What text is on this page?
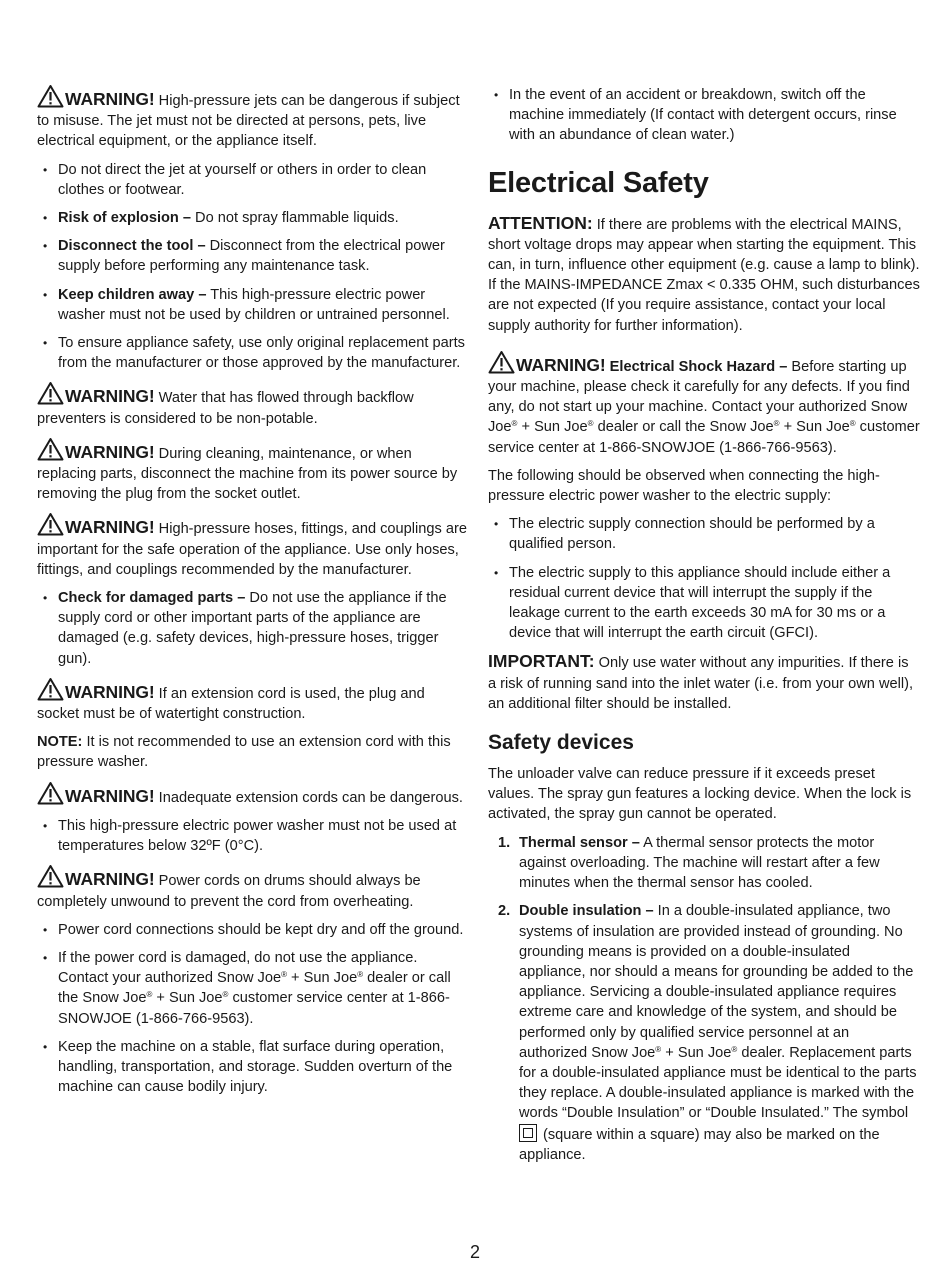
WARNING! High-pressure jets can be dangerous if subject to misuse. The jet must not be directed at persons, pets, live electrical equipment, or the appliance itself.

• Do not direct the jet at yourself or others in order to clean clothes or footwear.
• Risk of explosion – Do not spray flammable liquids.
• Disconnect the tool – Disconnect from the electrical power supply before performing any maintenance task.
• Keep children away – This high-pressure electric power washer must not be used by children or untrained personnel.
• To ensure appliance safety, use only original replacement parts from the manufacturer or those approved by the manufacturer.

WARNING! Water that has flowed through backflow preventers is considered to be non-potable.

WARNING! During cleaning, maintenance, or when replacing parts, disconnect the machine from its power source by removing the plug from the socket outlet.

WARNING! High-pressure hoses, fittings, and couplings are important for the safe operation of the appliance. Use only hoses, fittings, and couplings recommended by the manufacturer.

• Check for damaged parts – Do not use the appliance if the supply cord or other important parts of the appliance are damaged (e.g. safety devices, high-pressure hoses, trigger gun).

WARNING! If an extension cord is used, the plug and socket must be of watertight construction.

NOTE: It is not recommended to use an extension cord with this pressure washer.

WARNING! Inadequate extension cords can be dangerous.

• This high-pressure electric power washer must not be used at temperatures below 32ºF (0°C).

WARNING! Power cords on drums should always be completely unwound to prevent the cord from overheating.

• Power cord connections should be kept dry and off the ground.
• If the power cord is damaged, do not use the appliance. Contact your authorized Snow Joe® + Sun Joe® dealer or call the Snow Joe® + Sun Joe® customer service center at 1-866-SNOWJOE (1-866-766-9563).
• Keep the machine on a stable, flat surface during operation, handling, transportation, and storage. Sudden overturn of the machine can cause bodily injury.
• In the event of an accident or breakdown, switch off the machine immediately (If contact with detergent occurs, rinse with an abundance of clean water.)
Electrical Safety

ATTENTION: If there are problems with the electrical MAINS, short voltage drops may appear when starting the equipment. This can, in turn, influence other equipment (e.g. cause a lamp to blink). If the MAINS-IMPEDANCE Zmax < 0.335 OHM, such disturbances are not expected (If you require assistance, contact your local supply authority for further information).

WARNING! Electrical Shock Hazard – Before starting up your machine, please check it carefully for any defects. If you find any, do not start up your machine. Contact your authorized Snow Joe® + Sun Joe® dealer or call the Snow Joe® + Sun Joe® customer service center at 1-866-SNOWJOE (1-866-766-9563).

The following should be observed when connecting the high-pressure electric power washer to the electric supply:

• The electric supply connection should be performed by a qualified person.
• The electric supply to this appliance should include either a residual current device that will interrupt the supply if the leakage current to the earth exceeds 30 mA for 30 ms or a device that will interrupt the earth circuit (GFCI).

IMPORTANT: Only use water without any impurities. If there is a risk of running sand into the inlet water (i.e. from your own well), an additional filter should be installed.

Safety devices

The unloader valve can reduce pressure if it exceeds preset values. The spray gun features a locking device. When the lock is activated, the spray gun cannot be operated.

1. Thermal sensor – A thermal sensor protects the motor against overloading. The machine will restart after a few minutes when the thermal sensor has cooled.
2. Double insulation – In a double-insulated appliance, two systems of insulation are provided instead of grounding. No grounding means is provided on a double-insulated appliance, nor should a means for grounding be added to the appliance. Servicing a double-insulated appliance requires extreme care and knowledge of the system, and should be performed only by qualified service personnel at an authorized Snow Joe® + Sun Joe® dealer. Replacement parts for a double-insulated appliance must be identical to the parts they replace. A double-insulated appliance is marked with the words “Double Insulation” or “Double Insulated.” The symbol
(square within a square) may also be marked on the appliance.
2
